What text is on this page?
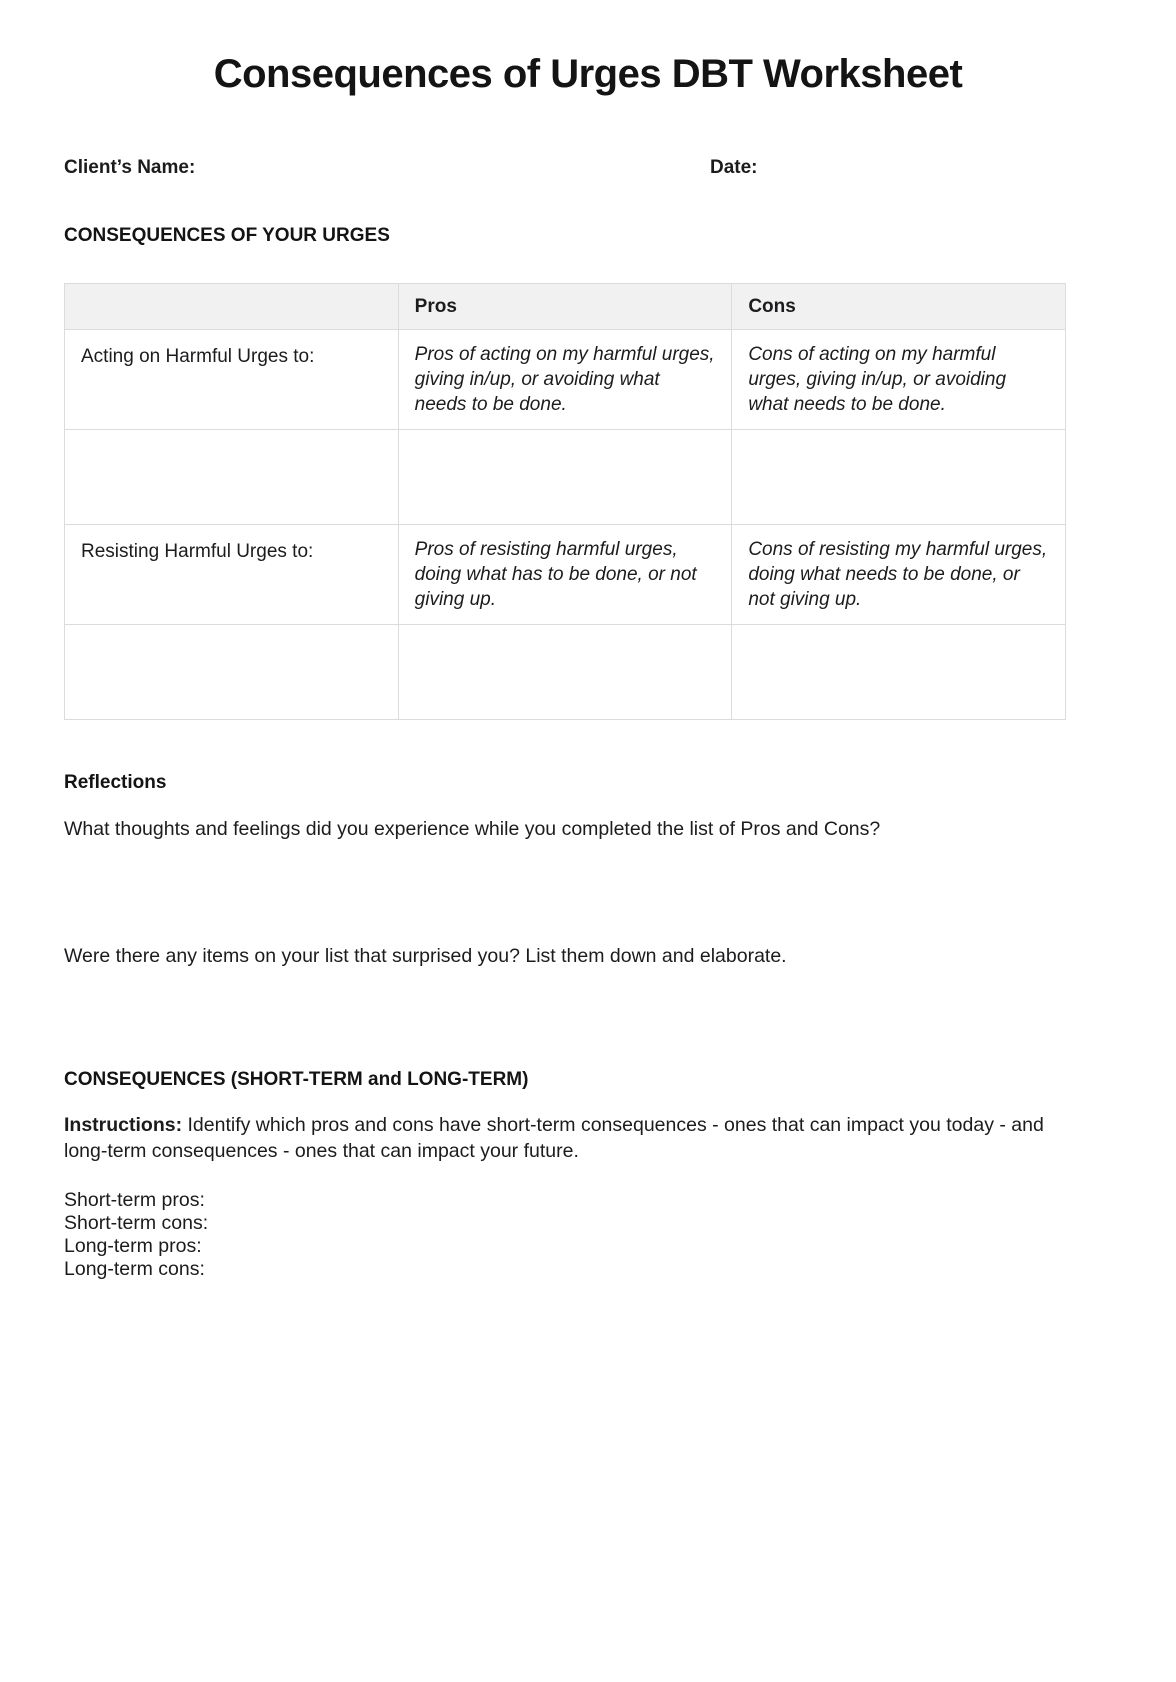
Consequences of Urges DBT Worksheet
Client’s Name:	Date:
CONSEQUENCES OF YOUR URGES
	Pros	Cons
Acting on Harmful Urges to:	Pros of acting on my harmful urges, giving in/up, or avoiding what needs to be done.	Cons of acting on my harmful urges, giving in/up, or avoiding what needs to be done.

Resisting Harmful Urges to:	Pros of resisting harmful urges, doing what has to be done, or not giving up.	Cons of resisting my harmful urges, doing what needs to be done, or not giving up.

Reflections

What thoughts and feelings did you experience while you completed the list of Pros and Cons?

Were there any items on your list that surprised you? List them down and elaborate.

CONSEQUENCES (SHORT-TERM and LONG-TERM)

Instructions: Identify which pros and cons have short-term consequences - ones that can impact you today - and long-term consequences - ones that can impact your future.

Short-term pros:

Short-term cons:

Long-term pros:

Long-term cons:
